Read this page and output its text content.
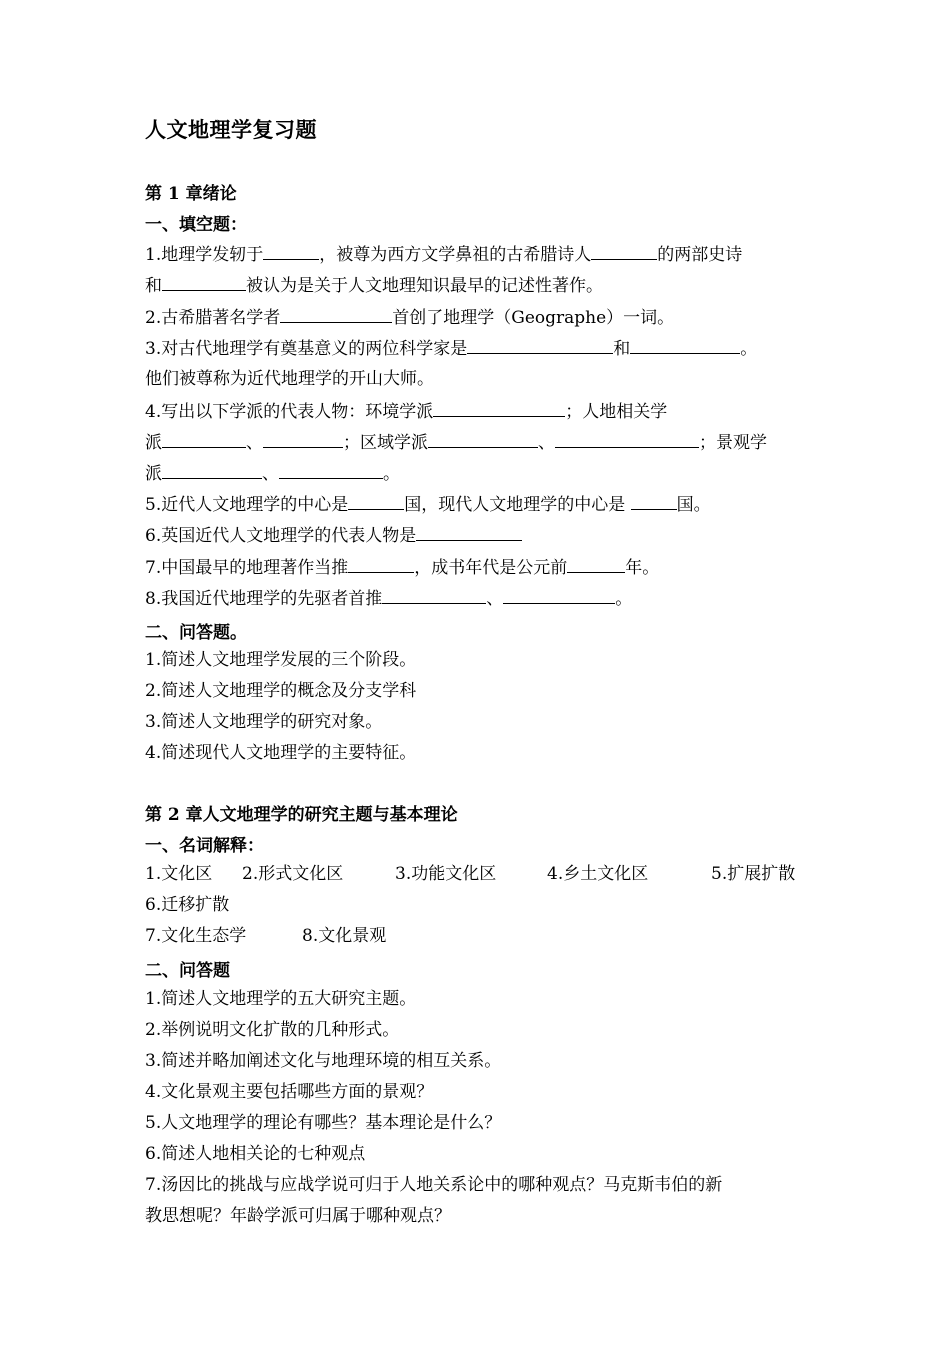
人文地理学复习题
第 1 章绪论
一、填空题：
1.地理学发轫于	，被尊为西方文学鼻祖的古希腊诗人	的两部史诗
和	被认为是关于人文地理知识最早的记述性著作。
2.古希腊著名学者	首创了地理学（Geographe）一词。
3.对古代地理学有奠基意义的两位科学家是	和	。
他们被尊称为近代地理学的开山大师。
4.写出以下学派的代表人物：环境学派	；人地相关学
派	、	；区域学派	、	；景观学
派	、	。
5.近代人文地理学的中心是	国，现代人文地理学的中心是	国。
6.英国近代人文地理学的代表人物是
7.中国最早的地理著作当推	，成书年代是公元前	年。
8.我国近代地理学的先驱者首推	、	。
二、问答题。
1.简述人文地理学发展的三个阶段。
2.简述人文地理学的概念及分支学科
3.简述人文地理学的研究对象。
4.简述现代人文地理学的主要特征。
第 2 章人文地理学的研究主题与基本理论
一、名词解释：
1.文化区 2.形式文化区	3.功能文化区	4.乡土文化区	5.扩展扩散
6.迁移扩散
7.文化生态学	8.文化景观
二、问答题
1.简述人文地理学的五大研究主题。
2.举例说明文化扩散的几种形式。
3.简述并略加阐述文化与地理环境的相互关系。
4.文化景观主要包括哪些方面的景观？
5.人文地理学的理论有哪些？基本理论是什么？
6.简述人地相关论的七种观点
7.汤因比的挑战与应战学说可归于人地关系论中的哪种观点？马克斯韦伯的新
教思想呢？年龄学派可归属于哪种观点？
